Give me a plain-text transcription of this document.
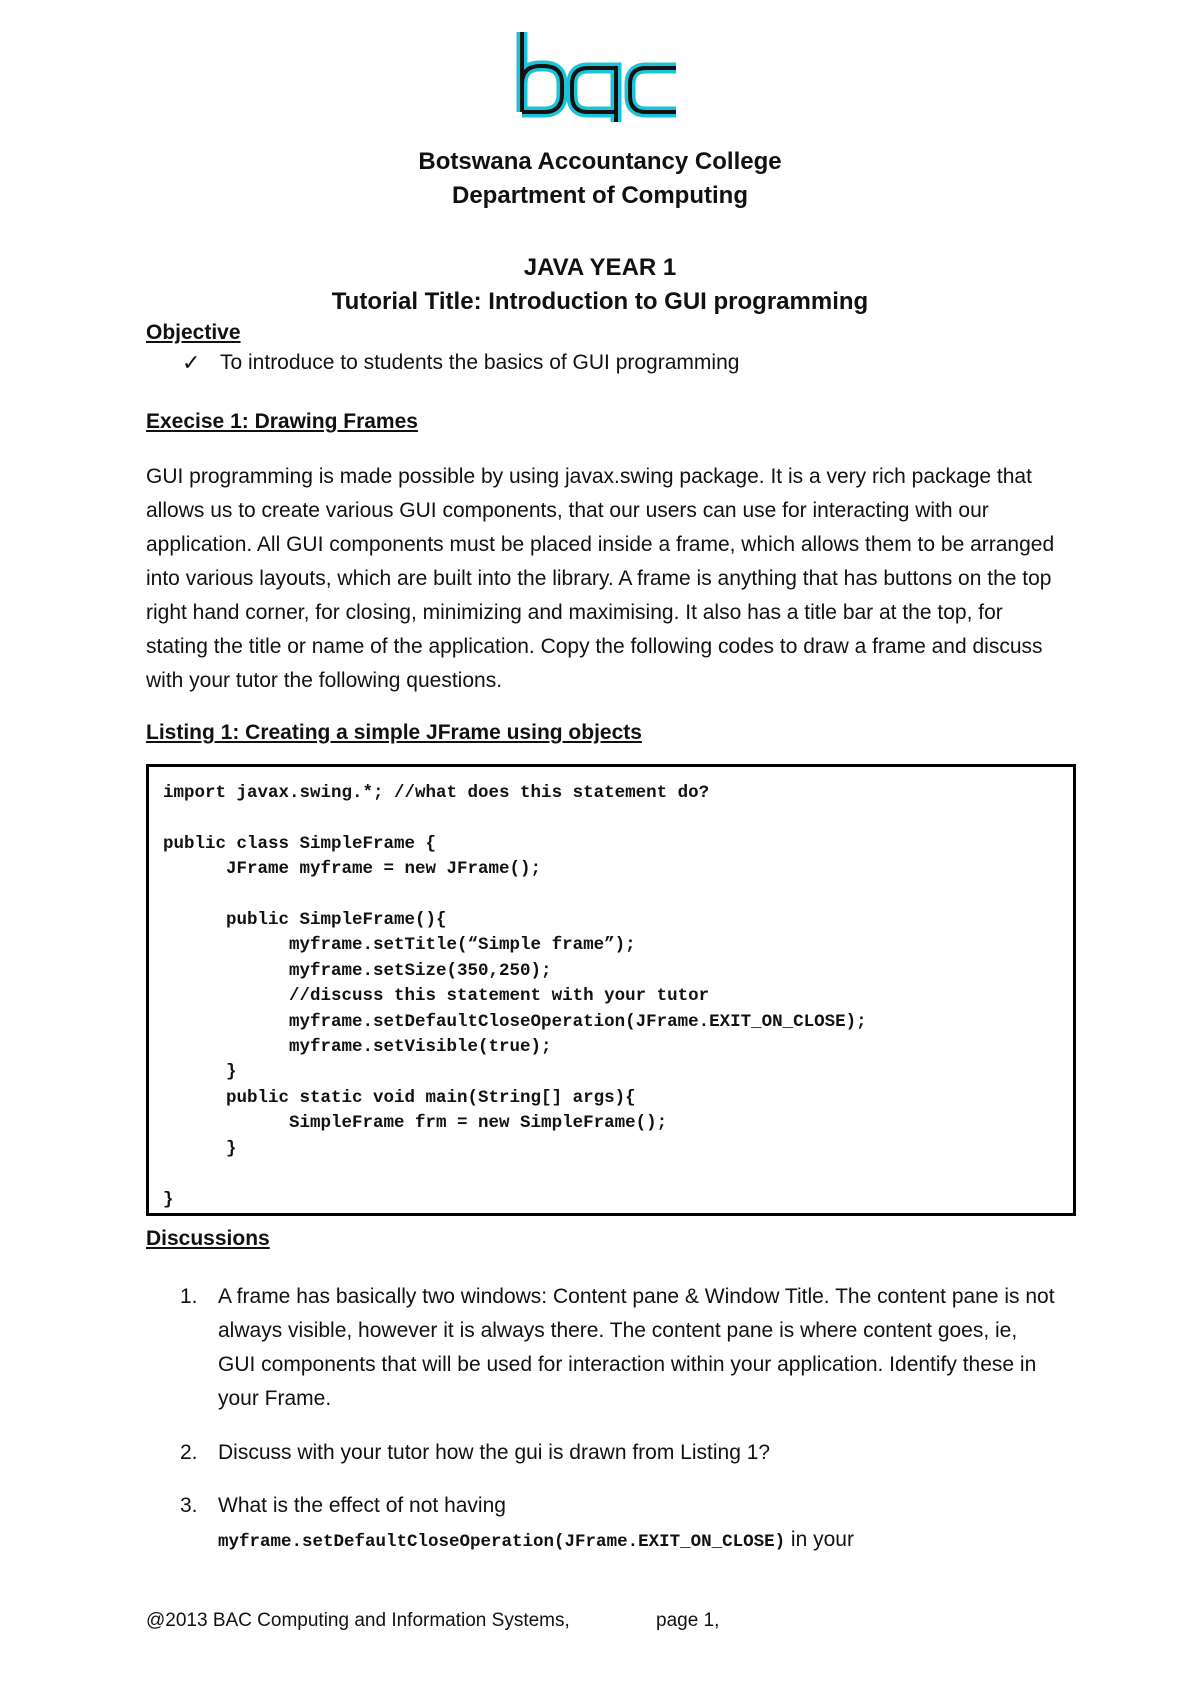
Botswana Accountancy College
Department of Computing
JAVA YEAR 1
Tutorial Title: Introduction to GUI programming
Objective
✓ To introduce to students the basics of GUI programming
Execise 1: Drawing Frames

GUI programming is made possible by using javax.swing package. It is a very rich package that allows us to create various GUI components, that our users can use for interacting with our application. All GUI components must be placed inside a frame, which allows them to be arranged into various layouts, which are built into the library. A frame is anything that has buttons on the top right hand corner, for closing, minimizing and maximising. It also has a title bar at the top, for stating the title or name of the application. Copy the following codes to draw a frame and discuss with your tutor the following questions.

Listing 1: Creating a simple JFrame using objects
import javax.swing.*; //what does this statement do?

public class SimpleFrame {
JFrame myframe = new JFrame();

public SimpleFrame(){
myframe.setTitle(“Simple frame”);
myframe.setSize(350,250);
//discuss this statement with your tutor
myframe.setDefaultCloseOperation(JFrame.EXIT_ON_CLOSE);
myframe.setVisible(true);
}
public static void main(String[] args){
SimpleFrame frm = new SimpleFrame();
}

}
Discussions
1. A frame has basically two windows: Content pane & Window Title. The content pane is not always visible, however it is always there. The content pane is where content goes, ie, GUI components that will be used for interaction within your application. Identify these in your Frame.
2. Discuss with your tutor how the gui is drawn from Listing 1?
3. What is the effect of not having
myframe.setDefaultCloseOperation(JFrame.EXIT_ON_CLOSE) in your
@2013 BAC Computing and Information Systems,	page 1,
